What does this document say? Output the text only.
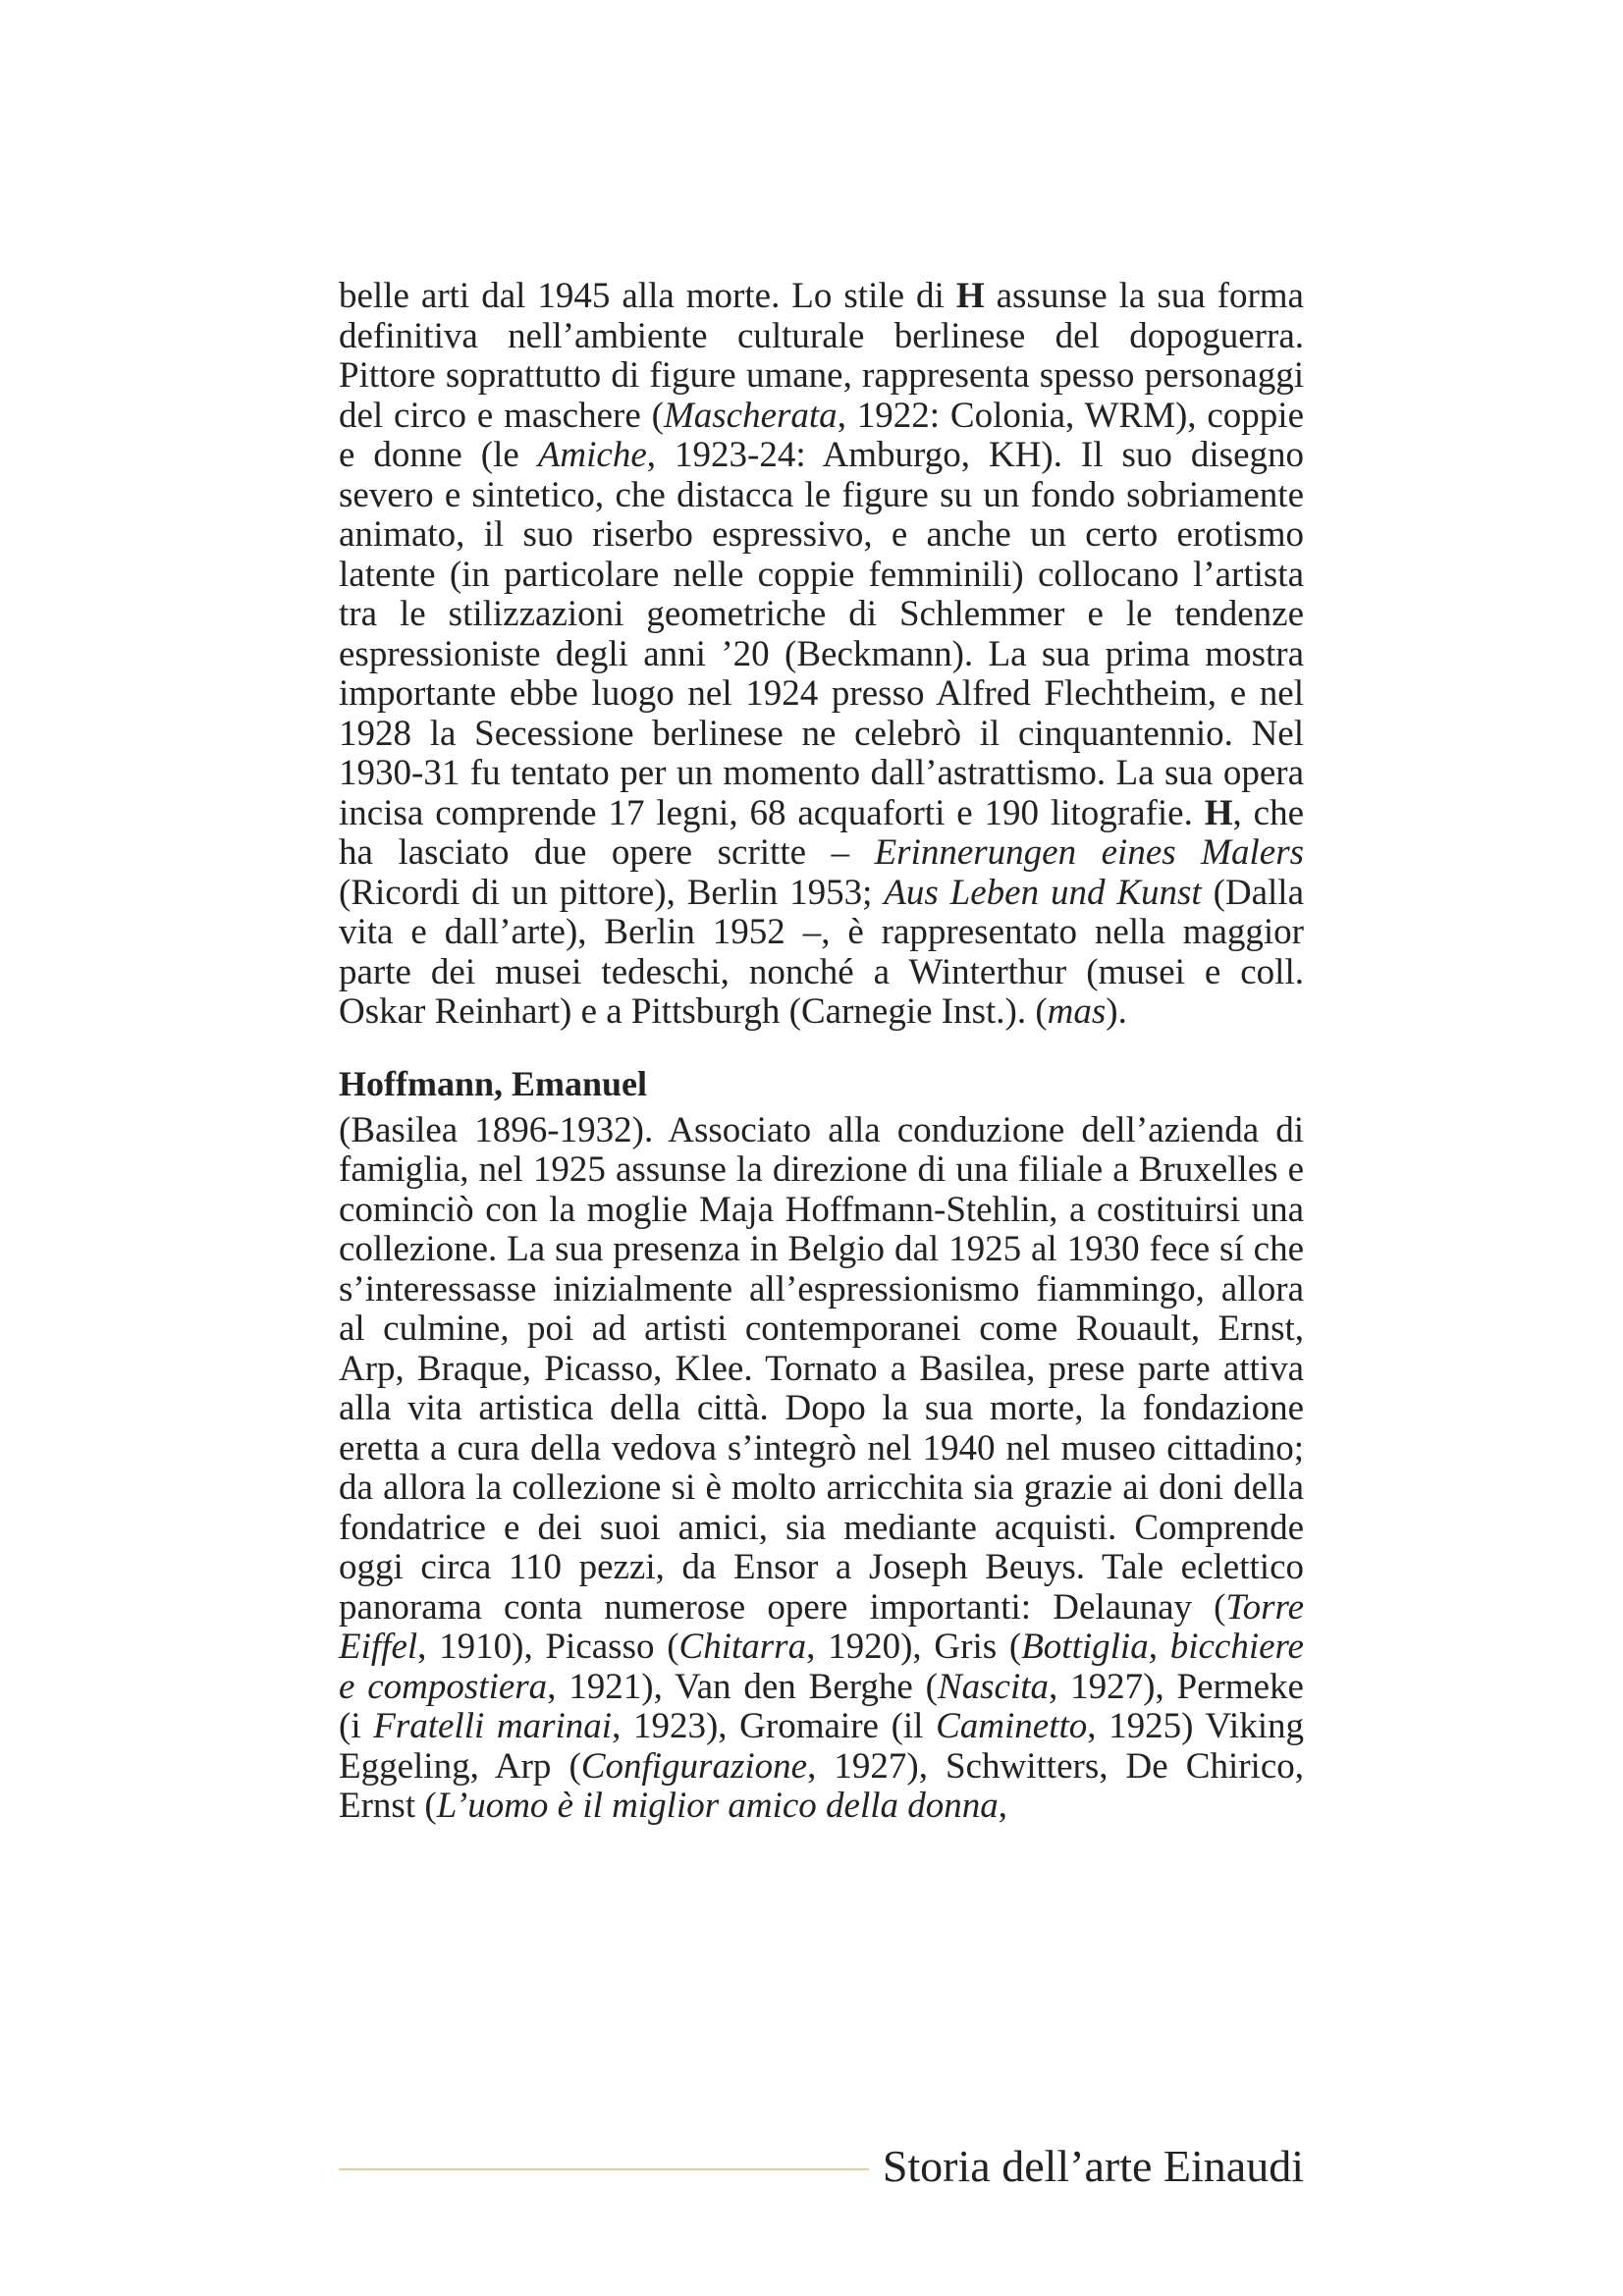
belle arti dal 1945 alla morte. Lo stile di H assunse la sua forma definitiva nell’ambiente culturale berlinese del dopoguerra. Pittore soprattutto di figure umane, rappresenta spesso personaggi del circo e maschere (Mascherata, 1922: Colonia, WRM), coppie e donne (le Amiche, 1923-24: Amburgo, KH). Il suo disegno severo e sintetico, che distacca le figure su un fondo sobriamente animato, il suo riserbo espressivo, e anche un certo erotismo latente (in particolare nelle coppie femminili) collocano l’artista tra le stilizzazioni geometriche di Schlemmer e le tendenze espressioniste degli anni ’20 (Beckmann). La sua prima mostra importante ebbe luogo nel 1924 presso Alfred Flechtheim, e nel 1928 la Secessione berlinese ne celebrò il cinquantennio. Nel 1930-31 fu tentato per un momento dall’astrattismo. La sua opera incisa comprende 17 legni, 68 acquaforti e 190 litografie. H, che ha lasciato due opere scritte – Erinnerungen eines Malers (Ricordi di un pittore), Berlin 1953; Aus Leben und Kunst (Dalla vita e dall’arte), Berlin 1952 –, è rappresentato nella maggior parte dei musei tedeschi, nonché a Winterthur (musei e coll. Oskar Reinhart) e a Pittsburgh (Carnegie Inst.). (mas).

Hoffmann, Emanuel

(Basilea 1896-1932). Associato alla conduzione dell’azienda di famiglia, nel 1925 assunse la direzione di una filiale a Bruxelles e cominciò con la moglie Maja Hoffmann-Stehlin, a costituirsi una collezione. La sua presenza in Belgio dal 1925 al 1930 fece sí che s’interessasse inizialmente all’espressionismo fiammingo, allora al culmine, poi ad artisti contemporanei come Rouault, Ernst, Arp, Braque, Picasso, Klee. Tornato a Basilea, prese parte attiva alla vita artistica della città. Dopo la sua morte, la fondazione eretta a cura della vedova s’integrò nel 1940 nel museo cittadino; da allora la collezione si è molto arricchita sia grazie ai doni della fondatrice e dei suoi amici, sia mediante acquisti. Comprende oggi circa 110 pezzi, da Ensor a Joseph Beuys. Tale eclettico panorama conta numerose opere importanti: Delaunay (Torre Eiffel, 1910), Picasso (Chitarra, 1920), Gris (Bottiglia, bicchiere e compostiera, 1921), Van den Berghe (Nascita, 1927), Permeke (i Fratelli marinai, 1923), Gromaire (il Caminetto, 1925) Viking Eggeling, Arp (Configurazione, 1927), Schwitters, De Chirico, Ernst (L’uomo è il miglior amico della donna,

Storia dell’arte Einaudi
